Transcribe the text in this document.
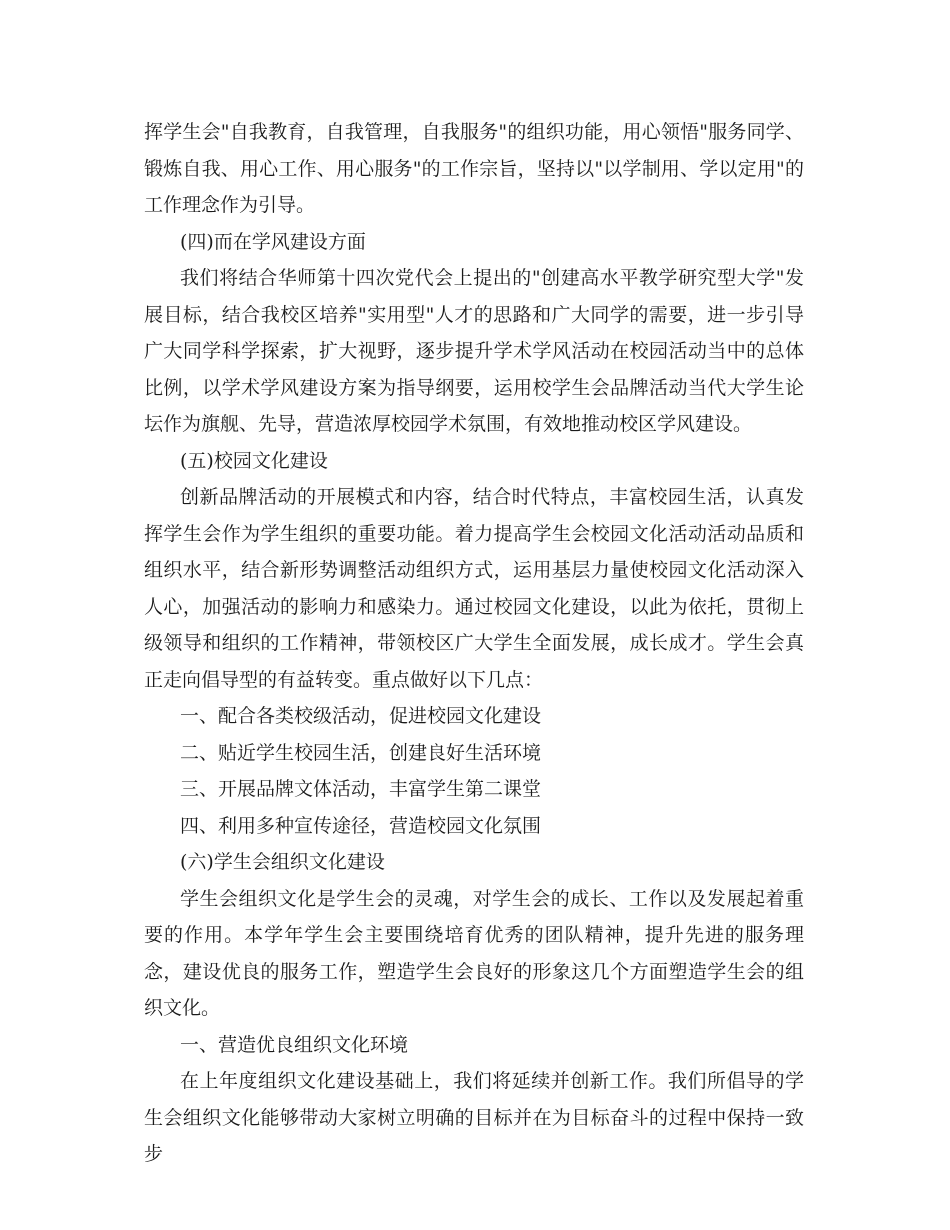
挥学生会"自我教育，自我管理，自我服务"的组织功能，用心领悟"服务同学、锻炼自我、用心工作、用心服务"的工作宗旨，坚持以"以学制用、学以定用"的工作理念作为引导。

(四)而在学风建设方面

我们将结合华师第十四次党代会上提出的"创建高水平教学研究型大学"发展目标，结合我校区培养"实用型"人才的思路和广大同学的需要，进一步引导广大同学科学探索，扩大视野，逐步提升学术学风活动在校园活动当中的总体比例，以学术学风建设方案为指导纲要，运用校学生会品牌活动当代大学生论坛作为旗舰、先导，营造浓厚校园学术氛围，有效地推动校区学风建设。

(五)校园文化建设

创新品牌活动的开展模式和内容，结合时代特点，丰富校园生活，认真发挥学生会作为学生组织的重要功能。着力提高学生会校园文化活动活动品质和组织水平，结合新形势调整活动组织方式，运用基层力量使校园文化活动深入人心，加强活动的影响力和感染力。通过校园文化建设，以此为依托，贯彻上级领导和组织的工作精神，带领校区广大学生全面发展，成长成才。学生会真正走向倡导型的有益转变。重点做好以下几点：

一、配合各类校级活动，促进校园文化建设

二、贴近学生校园生活，创建良好生活环境

三、开展品牌文体活动，丰富学生第二课堂

四、利用多种宣传途径，营造校园文化氛围

(六)学生会组织文化建设

学生会组织文化是学生会的灵魂，对学生会的成长、工作以及发展起着重要的作用。本学年学生会主要围绕培育优秀的团队精神，提升先进的服务理念，建设优良的服务工作，塑造学生会良好的形象这几个方面塑造学生会的组织文化。

一、营造优良组织文化环境

在上年度组织文化建设基础上，我们将延续并创新工作。我们所倡导的学生会组织文化能够带动大家树立明确的目标并在为目标奋斗的过程中保持一致步
